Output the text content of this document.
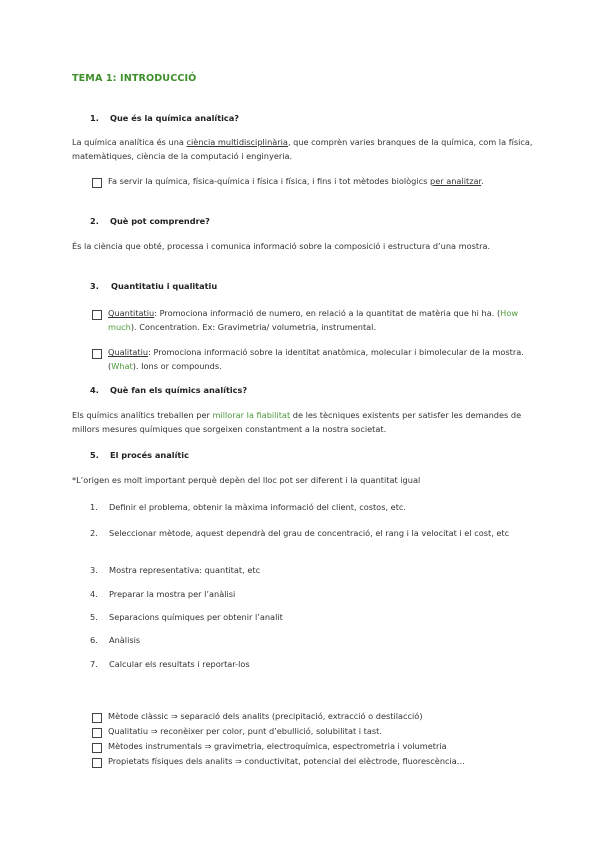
TEMA 1: INTRODUCCIÓ
1. Que és la química analítica?
La química analítica és una ciència multidisciplinària, que comprèn varies branques de la química, com la física, matemàtiques, ciència de la computació i enginyeria.
Fa servir la química, física-química i física i física, i fins i tot mètodes biològics per analitzar.
2. Què pot comprendre?
És la ciència que obté, processa i comunica informació sobre la composició i estructura d’una mostra.
3. Quantitatiu i qualitatiu
Quantitatiu: Promociona informació de numero, en relació a la quantitat de matèria que hi ha. (How much). Concentration. Ex: Gravimetria/ volumetria, instrumental.
Qualitatiu: Promociona informació sobre la identitat anatòmica, molecular i bimolecular de la mostra. (What). Ions or compounds.
4. Què fan els químics analítics?
Els químics analítics treballen per millorar la fiabilitat de les tècniques existents per satisfer les demandes de millors mesures químiques que sorgeixen constantment a la nostra societat.
5. El procés analític
*L’origen es molt important perquè depèn del lloc pot ser diferent i la quantitat igual
1. Definir el problema, obtenir la màxima informació del client, costos, etc.
2. Seleccionar mètode, aquest dependrà del grau de concentració, el rang i la velocitat i el cost, etc
3. Mostra representativa: quantitat, etc
4. Preparar la mostra per l’anàlisi
5. Separacions químiques per obtenir l’analit
6. Anàlisis
7. Calcular els resultats i reportar-los
Mètode clàssic ⇒ separació dels analits (precipitació, extracció o destilacció)
Qualitatiu ⇒ reconèixer per color, punt d’ebullició, solubilitat i tast.
Mètodes instrumentals ⇒ gravimetria, electroquímica, espectrometria i volumetria
Propietats físiques dels analits ⇒ conductivitat, potencial del elèctrode, fluorescència…
